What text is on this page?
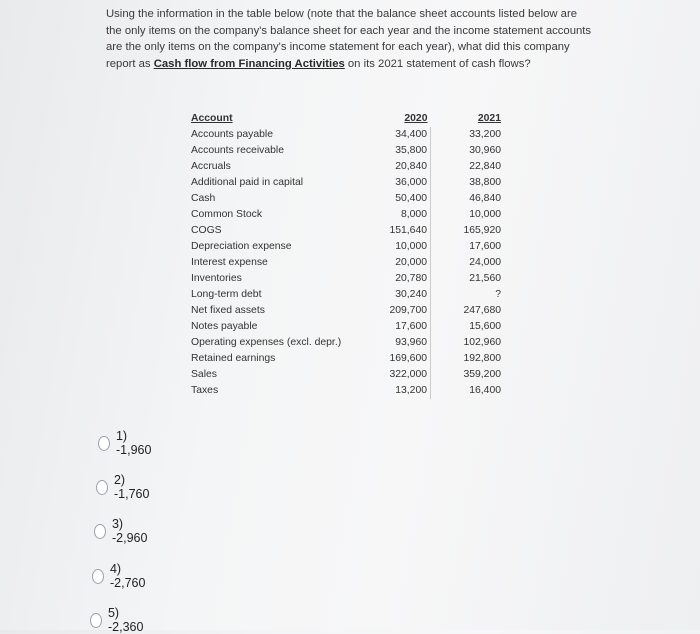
Using the information in the table below (note that the balance sheet accounts listed below are the only items on the company's balance sheet for each year and the income statement accounts are the only items on the company's income statement for each year), what did this company report as Cash flow from Financing Activities on its 2021 statement of cash flows?
Account	2020	2021
Accounts payable	34,400	33,200
Accounts receivable	35,800	30,960
Accruals	20,840	22,840
Additional paid in capital	36,000	38,800
Cash	50,400	46,840
Common Stock	8,000	10,000
COGS	151,640	165,920
Depreciation expense	10,000	17,600
Interest expense	20,000	24,000
Inventories	20,780	21,560
Long-term debt	30,240	?
Net fixed assets	209,700	247,680
Notes payable	17,600	15,600
Operating expenses (excl. depr.)	93,960	102,960
Retained earnings	169,600	192,800
Sales	322,000	359,200
Taxes	13,200	16,400
1) -1,960
2) -1,760
3) -2,960
4) -2,760
5) -2,360
